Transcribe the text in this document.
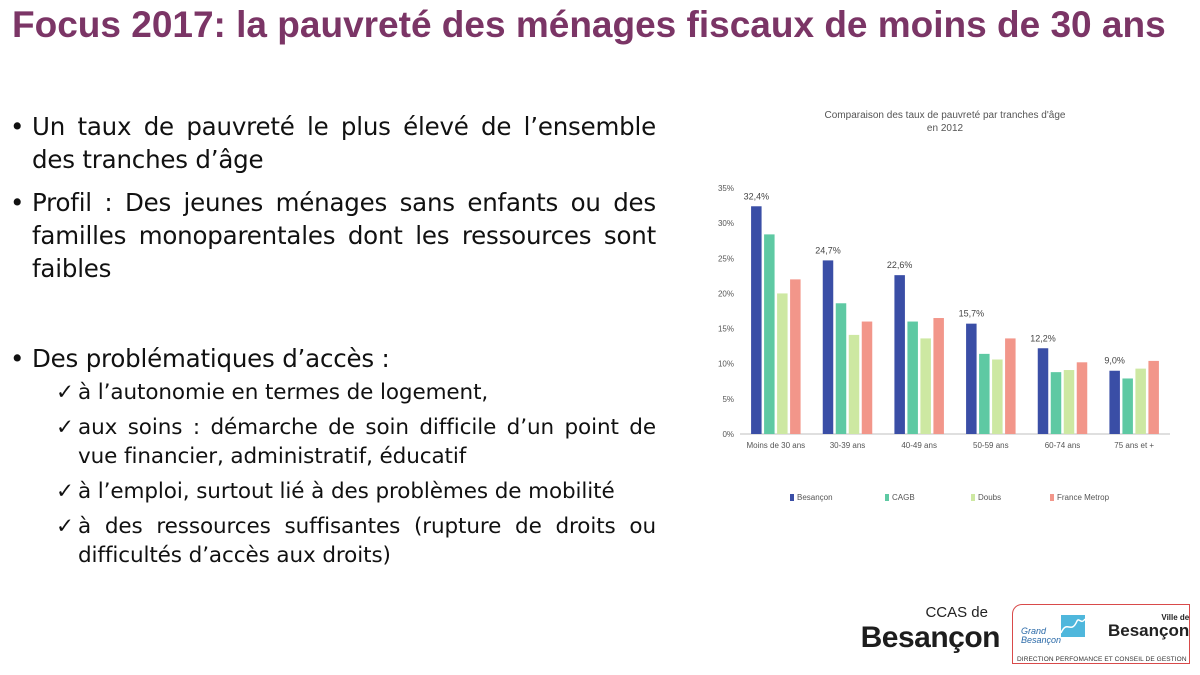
Focus 2017: la pauvreté des ménages fiscaux de moins de 30 ans
• Un taux de pauvreté le plus élevé de l’ensemble des tranches d’âge
• Profil : Des jeunes ménages sans enfants ou des familles monoparentales dont les ressources sont faibles
• Des problématiques d’accès :
✓ à l’autonomie en termes de logement,
✓ aux soins : démarche de soin difficile d’un point de vue financier, administratif, éducatif
✓ à l’emploi, surtout lié à des problèmes de mobilité
✓ à des ressources suffisantes (rupture de droits ou difficultés d’accès aux droits)
Comparaison des taux de pauvreté par tranches d'âge
en 2012
0%
5%
10%
15%
20%
25%
30%
35%
32,4%
24,7%
22,6%
15,7%
12,2%
9,0%
Moins de 30 ans	30-39 ans	40-49 ans	50-59 ans	60-74 ans	75 ans et +
Besançon	CAGB	Doubs	France Metrop
CCAS de
Besançon Grand
Besançon
Ville de
Besançon
DIRECTION PERFOMANCE ET CONSEIL DE GESTION
